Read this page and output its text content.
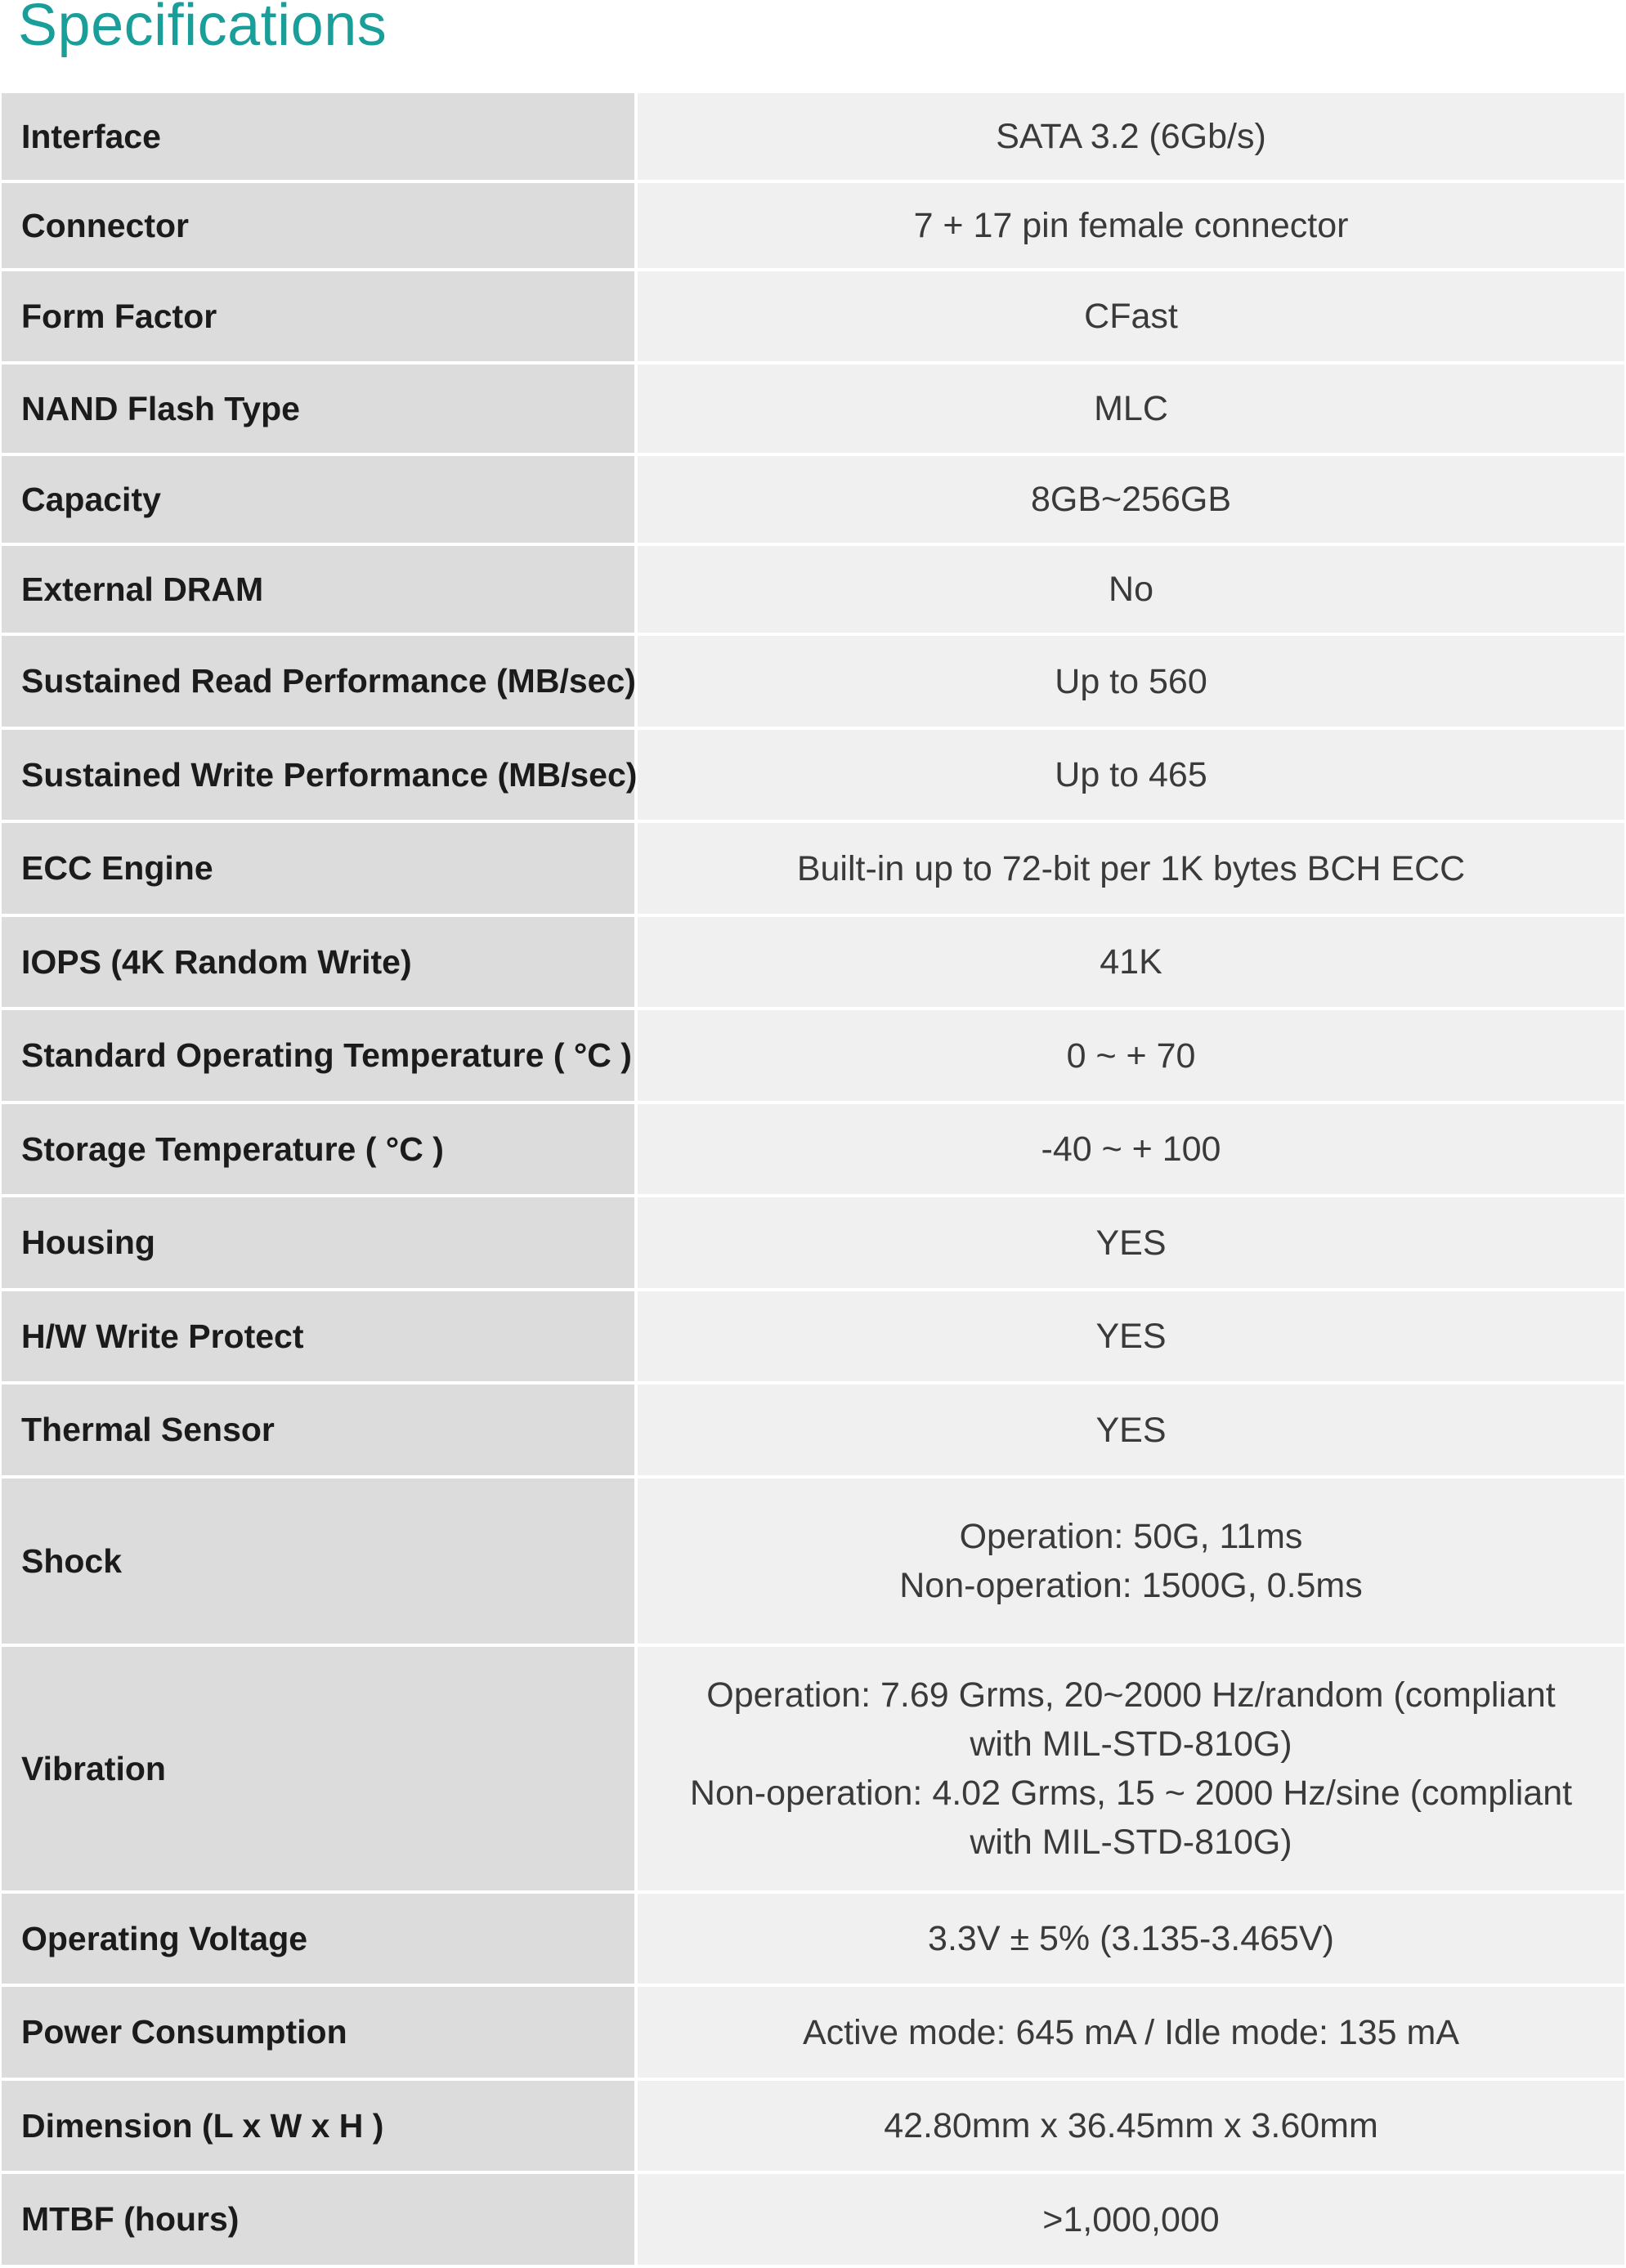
Specifications
Interface	SATA 3.2 (6Gb/s)

Connector	7 + 17 pin female connector

Form Factor	CFast

NAND Flash Type	MLC

Capacity	8GB~256GB

External DRAM	No

Sustained Read Performance (MB/sec)	Up to 560

Sustained Write Performance (MB/sec)	Up to 465

ECC Engine	Built-in up to 72-bit per 1K bytes BCH ECC

IOPS (4K Random Write)	41K

Standard Operating Temperature ( °C )	0 ~ + 70

Storage Temperature ( °C )	-40 ~ + 100

Housing	YES

H/W Write Protect	YES

Thermal Sensor	YES

Shock	Operation: 50G, 11ms
Non-operation: 1500G, 0.5ms

Vibration	Operation: 7.69 Grms, 20~2000 Hz/random (compliant
with MIL-STD-810G)
Non-operation: 4.02 Grms, 15 ~ 2000 Hz/sine (compliant
with MIL-STD-810G)

Operating Voltage	3.3V ± 5% (3.135-3.465V)

Power Consumption	Active mode: 645 mA / Idle mode: 135 mA

Dimension (L x W x H )	42.80mm x 36.45mm x 3.60mm

MTBF (hours)	>1,000,000
